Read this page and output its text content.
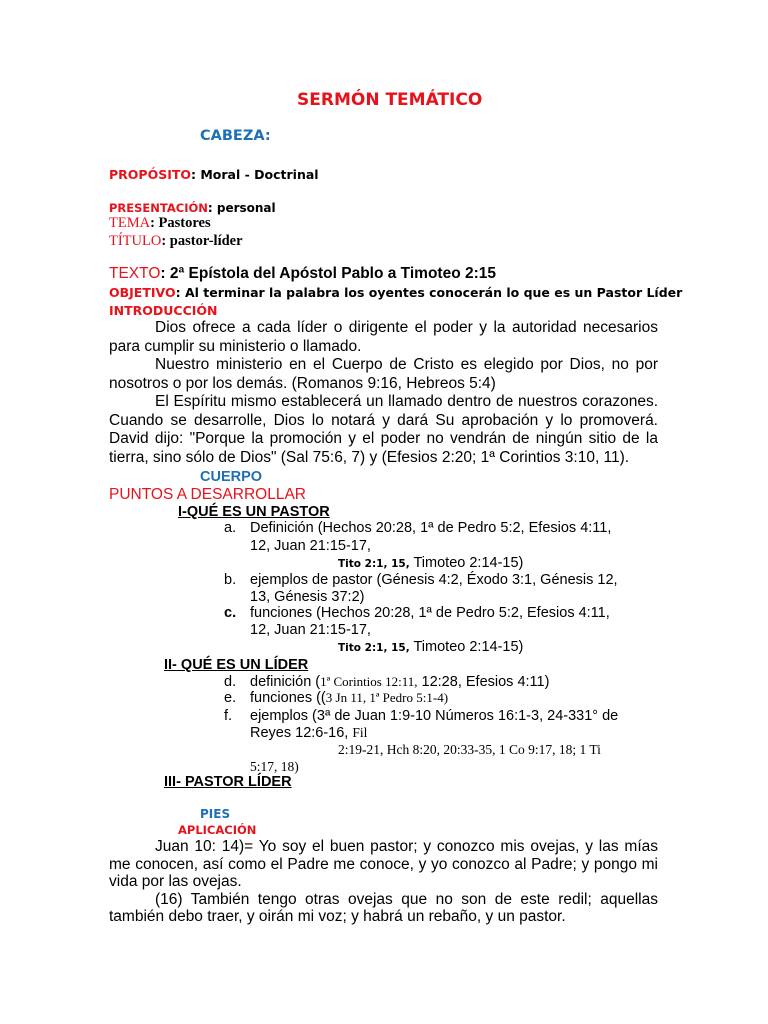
SERMÓN TEMÁTICO
CABEZA:
PROPÓSITO: Moral - Doctrinal
PRESENTACIÓN: personal
TEMA: Pastores
TÍTULO: pastor-líder
TEXTO: 2ª Epístola del Apóstol Pablo a Timoteo 2:15
OBJETIVO: Al terminar la palabra los oyentes conocerán lo que es un Pastor Líder
INTRODUCCIÓN
Dios ofrece a cada líder o dirigente el poder y la autoridad necesarios para cumplir su ministerio o llamado.
Nuestro ministerio en el Cuerpo de Cristo es elegido por Dios, no por nosotros o por los demás. (Romanos 9:16, Hebreos 5:4)
El Espíritu mismo establecerá un llamado dentro de nuestros corazones. Cuando se desarrolle, Dios lo notará y dará Su aprobación y lo promoverá. David dijo: "Porque la promoción y el poder no vendrán de ningún sitio de la tierra, sino sólo de Dios" (Sal 75:6, 7) y (Efesios 2:20; 1ª Corintios 3:10, 11).
CUERPO
PUNTOS A DESARROLLAR
I-QUÉ ES UN PASTOR
a. Definición (Hechos 20:28, 1ª de Pedro 5:2, Efesios 4:11,
12, Juan 21:15-17,
Tito 2:1, 15, Timoteo 2:14-15)
b. ejemplos de pastor (Génesis 4:2, Éxodo 3:1, Génesis 12,
13, Génesis 37:2)
c. funciones (Hechos 20:28, 1ª de Pedro 5:2, Efesios 4:11,
12, Juan 21:15-17,
Tito 2:1, 15, Timoteo 2:14-15)
II- QUÉ ES UN LÍDER
d. definición (1ª Corintios 12:11, 12:28, Efesios 4:11)
e. funciones ((3 Jn 11, 1ª Pedro 5:1-4)
f. ejemplos (3ª de Juan 1:9-10 Números 16:1-3, 24-331° de
Reyes 12:6-16, Fil
2:19-21, Hch 8:20, 20:33-35, 1 Co 9:17, 18; 1 Ti
5:17, 18)
III- PASTOR LÍDER
PIES
APLICACIÓN
Juan 10: 14)= Yo soy el buen pastor; y conozco mis ovejas, y las mías me conocen, así como el Padre me conoce, y yo conozco al Padre; y pongo mi vida por las ovejas.
(16) También tengo otras ovejas que no son de este redil; aquellas también debo traer, y oirán mi voz; y habrá un rebaño, y un pastor.
